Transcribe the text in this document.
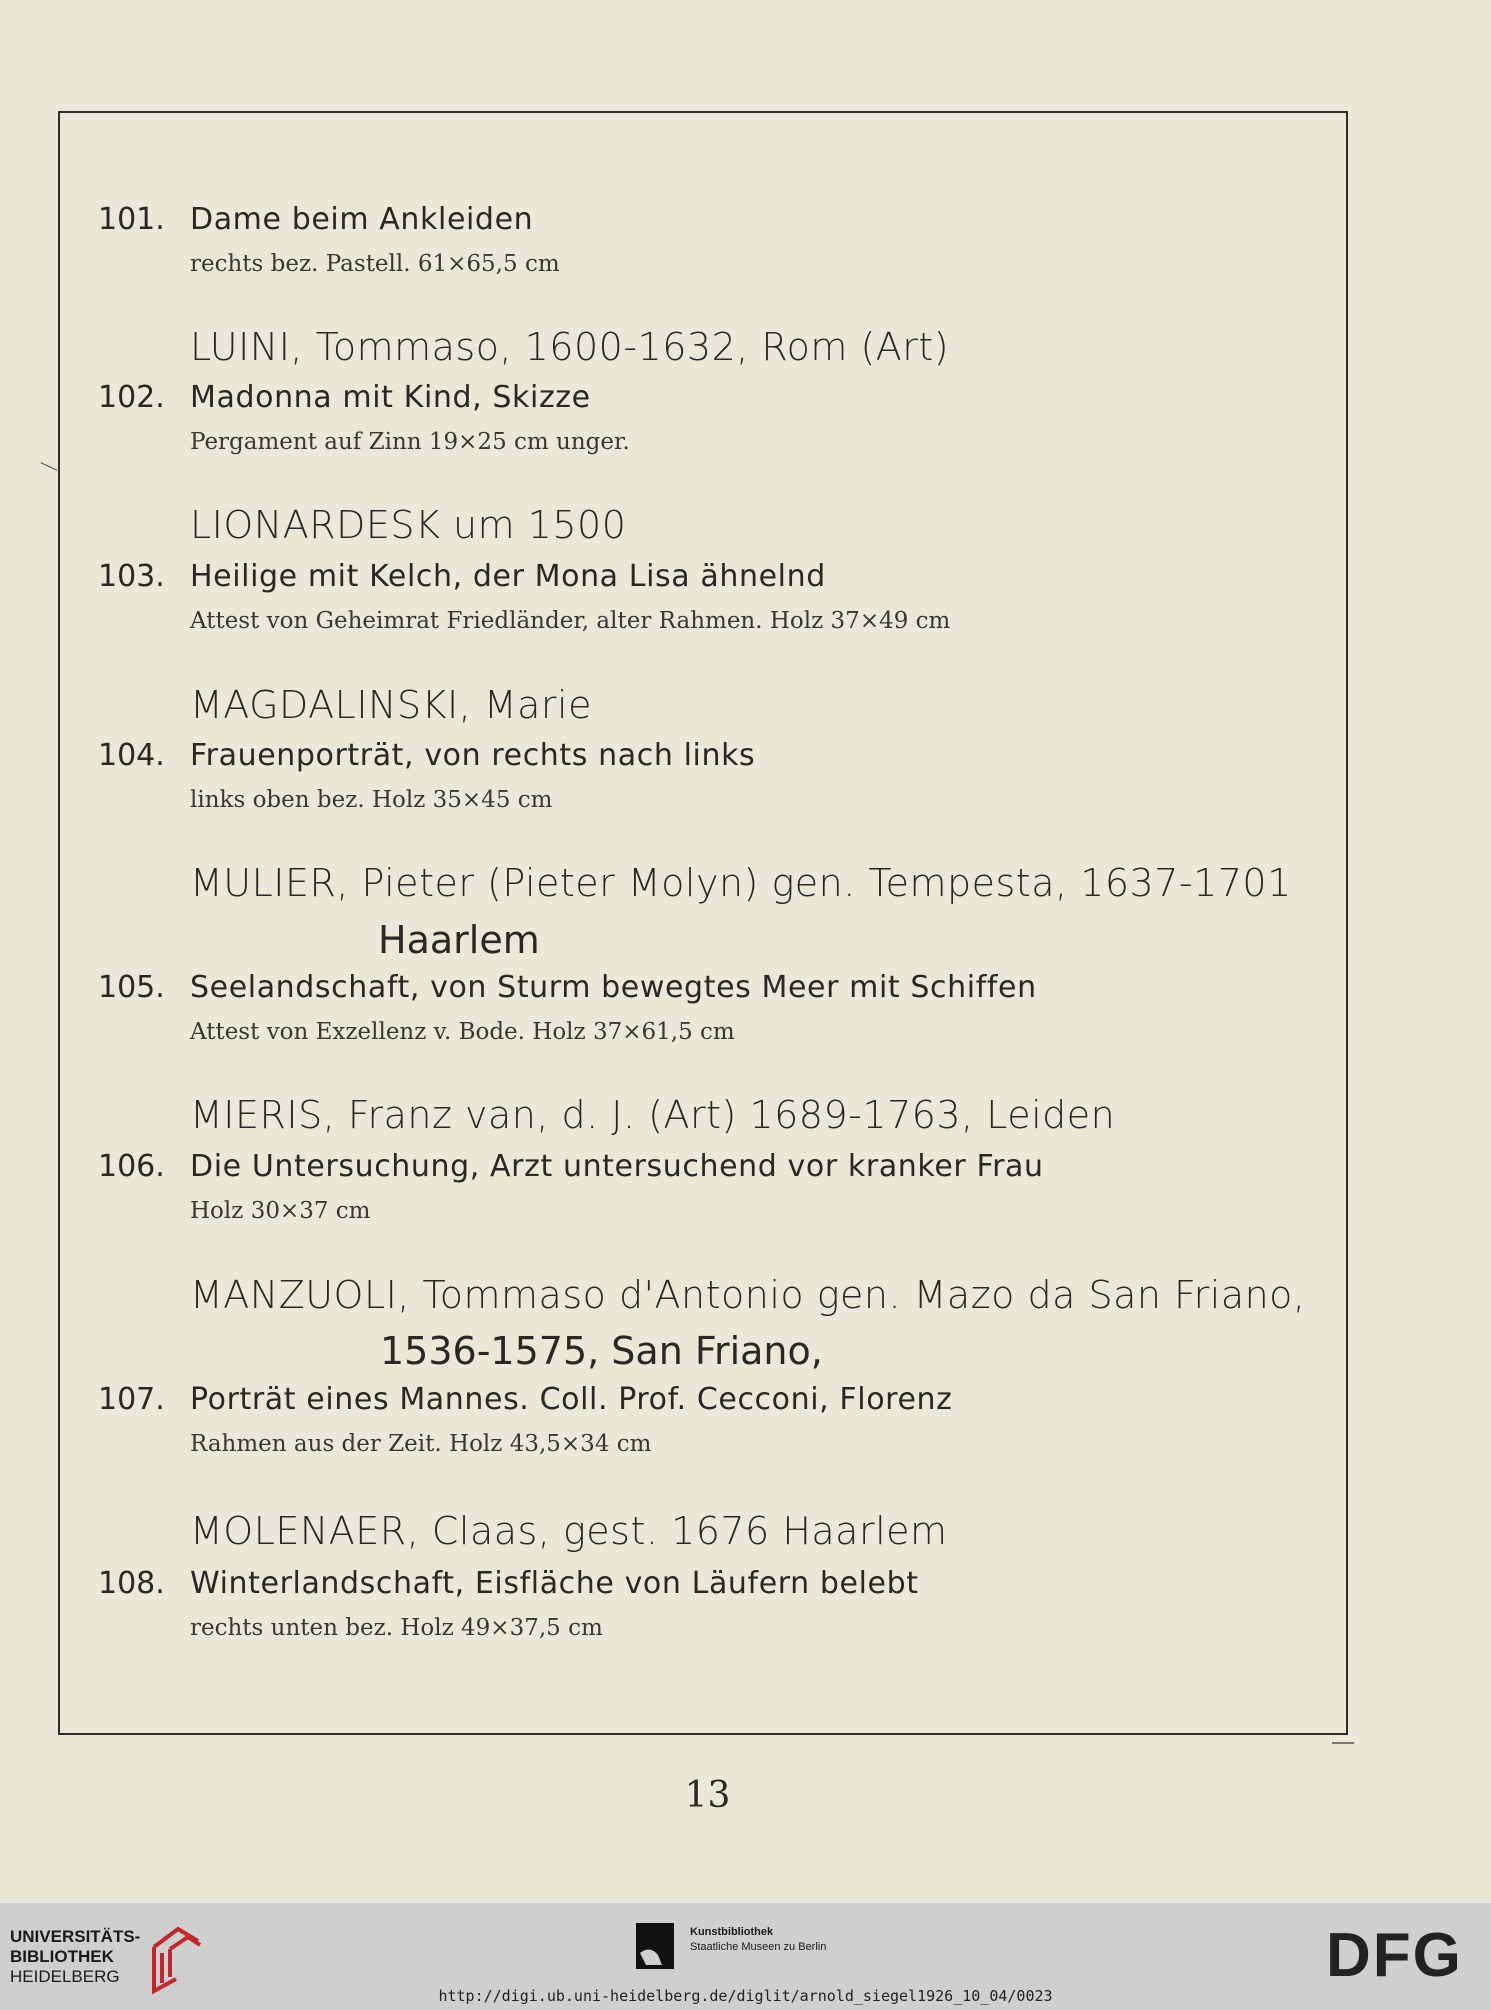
101. Dame beim Ankleiden
rechts bez. Pastell. 61×65,5 cm
LUINI, Tommaso, 1600-1632, Rom (Art)
102. Madonna mit Kind, Skizze
Pergament auf Zinn 19×25 cm unger.
LIONARDESK um 1500
103. Heilige mit Kelch, der Mona Lisa ähnelnd
Attest von Geheimrat Friedländer, alter Rahmen. Holz 37×49 cm
MAGDALINSKI, Marie
104. Frauenporträt, von rechts nach links
links oben bez. Holz 35×45 cm
MULIER, Pieter (Pieter Molyn) gen. Tempesta, 1637-1701
Haarlem
105. Seelandschaft, von Sturm bewegtes Meer mit Schiffen
Attest von Exzellenz v. Bode. Holz 37×61,5 cm
MIERIS, Franz van, d. J. (Art) 1689-1763, Leiden
106. Die Untersuchung, Arzt untersuchend vor kranker Frau
Holz 30×37 cm
MANZUOLI, Tommaso d'Antonio gen. Mazo da San Friano,
1536-1575, San Friano,
107. Porträt eines Mannes. Coll. Prof. Cecconi, Florenz
Rahmen aus der Zeit. Holz 43,5×34 cm
MOLENAER, Claas, gest. 1676 Haarlem
108. Winterlandschaft, Eisfläche von Läufern belebt
rechts unten bez. Holz 49×37,5 cm
13
UNIVERSITÄTS-
BIBLIOTHEK
HEIDELBERG
Kunstbibliothek
Staatliche Museen zu Berlin	DFG
http://digi.ub.uni-heidelberg.de/diglit/arnold_siegel1926_10_04/0023
